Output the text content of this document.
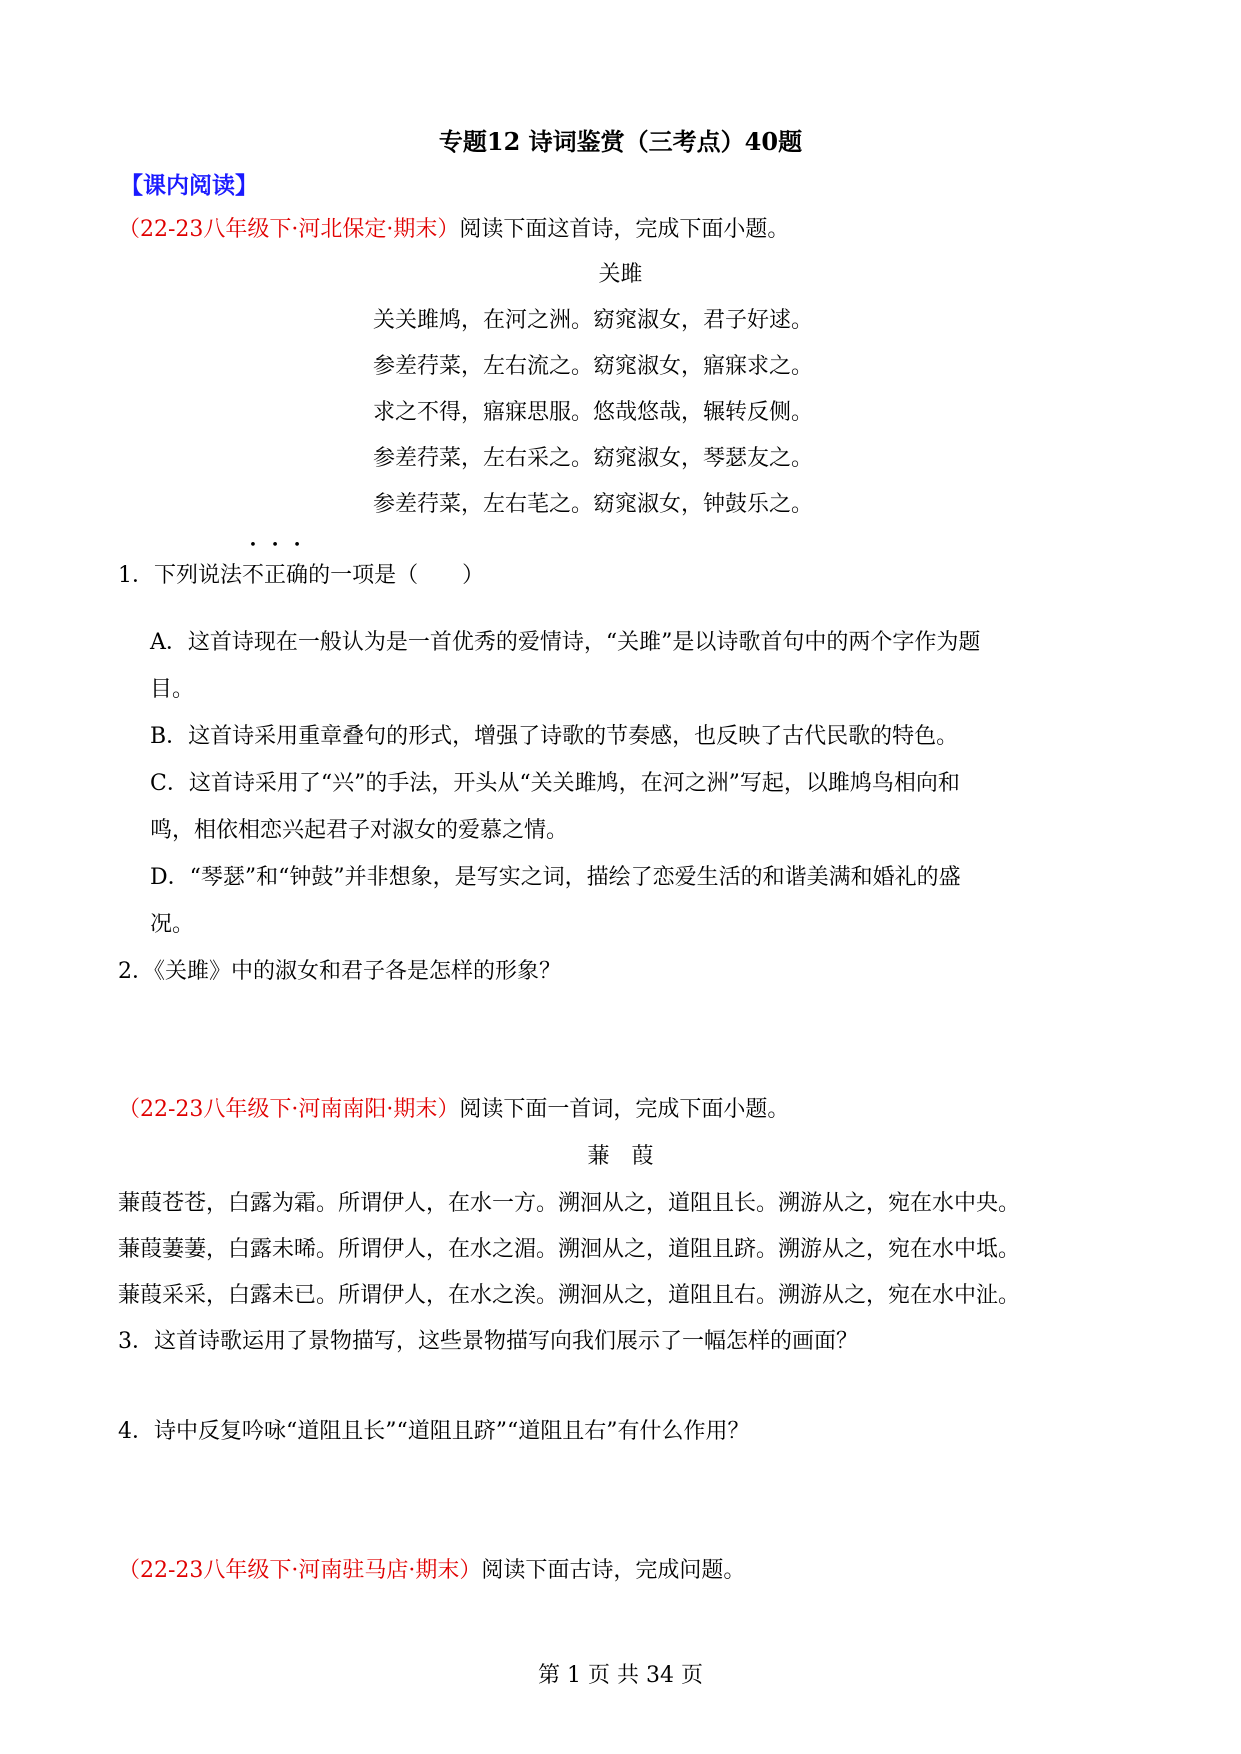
专题12 诗词鉴赏（三考点）40题
【课内阅读】
（22-23八年级下·河北保定·期末）阅读下面这首诗，完成下面小题。
关雎
关关雎鸠，在河之洲。窈窕淑女，君子好逑。
参差荇菜，左右流之。窈窕淑女，寤寐求之。
求之不得，寤寐思服。悠哉悠哉，辗转反侧。
参差荇菜，左右采之。窈窕淑女，琴瑟友之。
参差荇菜，左右芼之。窈窕淑女，钟鼓乐之。
1．下列说法不正确的一项是（　　）
A．这首诗现在一般认为是一首优秀的爱情诗，“关雎”是以诗歌首句中的两个字作为题
目。
B．这首诗采用重章叠句的形式，增强了诗歌的节奏感，也反映了古代民歌的特色。
C．这首诗采用了“兴”的手法，开头从“关关雎鸠，在河之洲”写起，以雎鸠鸟相向和
鸣，相依相恋兴起君子对淑女的爱慕之情。
D．“琴瑟”和“钟鼓”并非想象，是写实之词，描绘了恋爱生活的和谐美满和婚礼的盛
况。
2．《关雎》中的淑女和君子各是怎样的形象？
（22-23八年级下·河南南阳·期末）阅读下面一首词，完成下面小题。
蒹　葭
蒹葭苍苍，白露为霜。所谓伊人，在水一方。溯洄从之，道阻且长。溯游从之，宛在水中央。
蒹葭萋萋，白露未晞。所谓伊人，在水之湄。溯洄从之，道阻且跻。溯游从之，宛在水中坻。
蒹葭采采，白露未已。所谓伊人，在水之涘。溯洄从之，道阻且右。溯游从之，宛在水中沚。
3．这首诗歌运用了景物描写，这些景物描写向我们展示了一幅怎样的画面？
4．诗中反复吟咏“道阻且长”“道阻且跻”“道阻且右”有什么作用？
（22-23八年级下·河南驻马店·期末）阅读下面古诗，完成问题。
第 1 页 共 34 页
